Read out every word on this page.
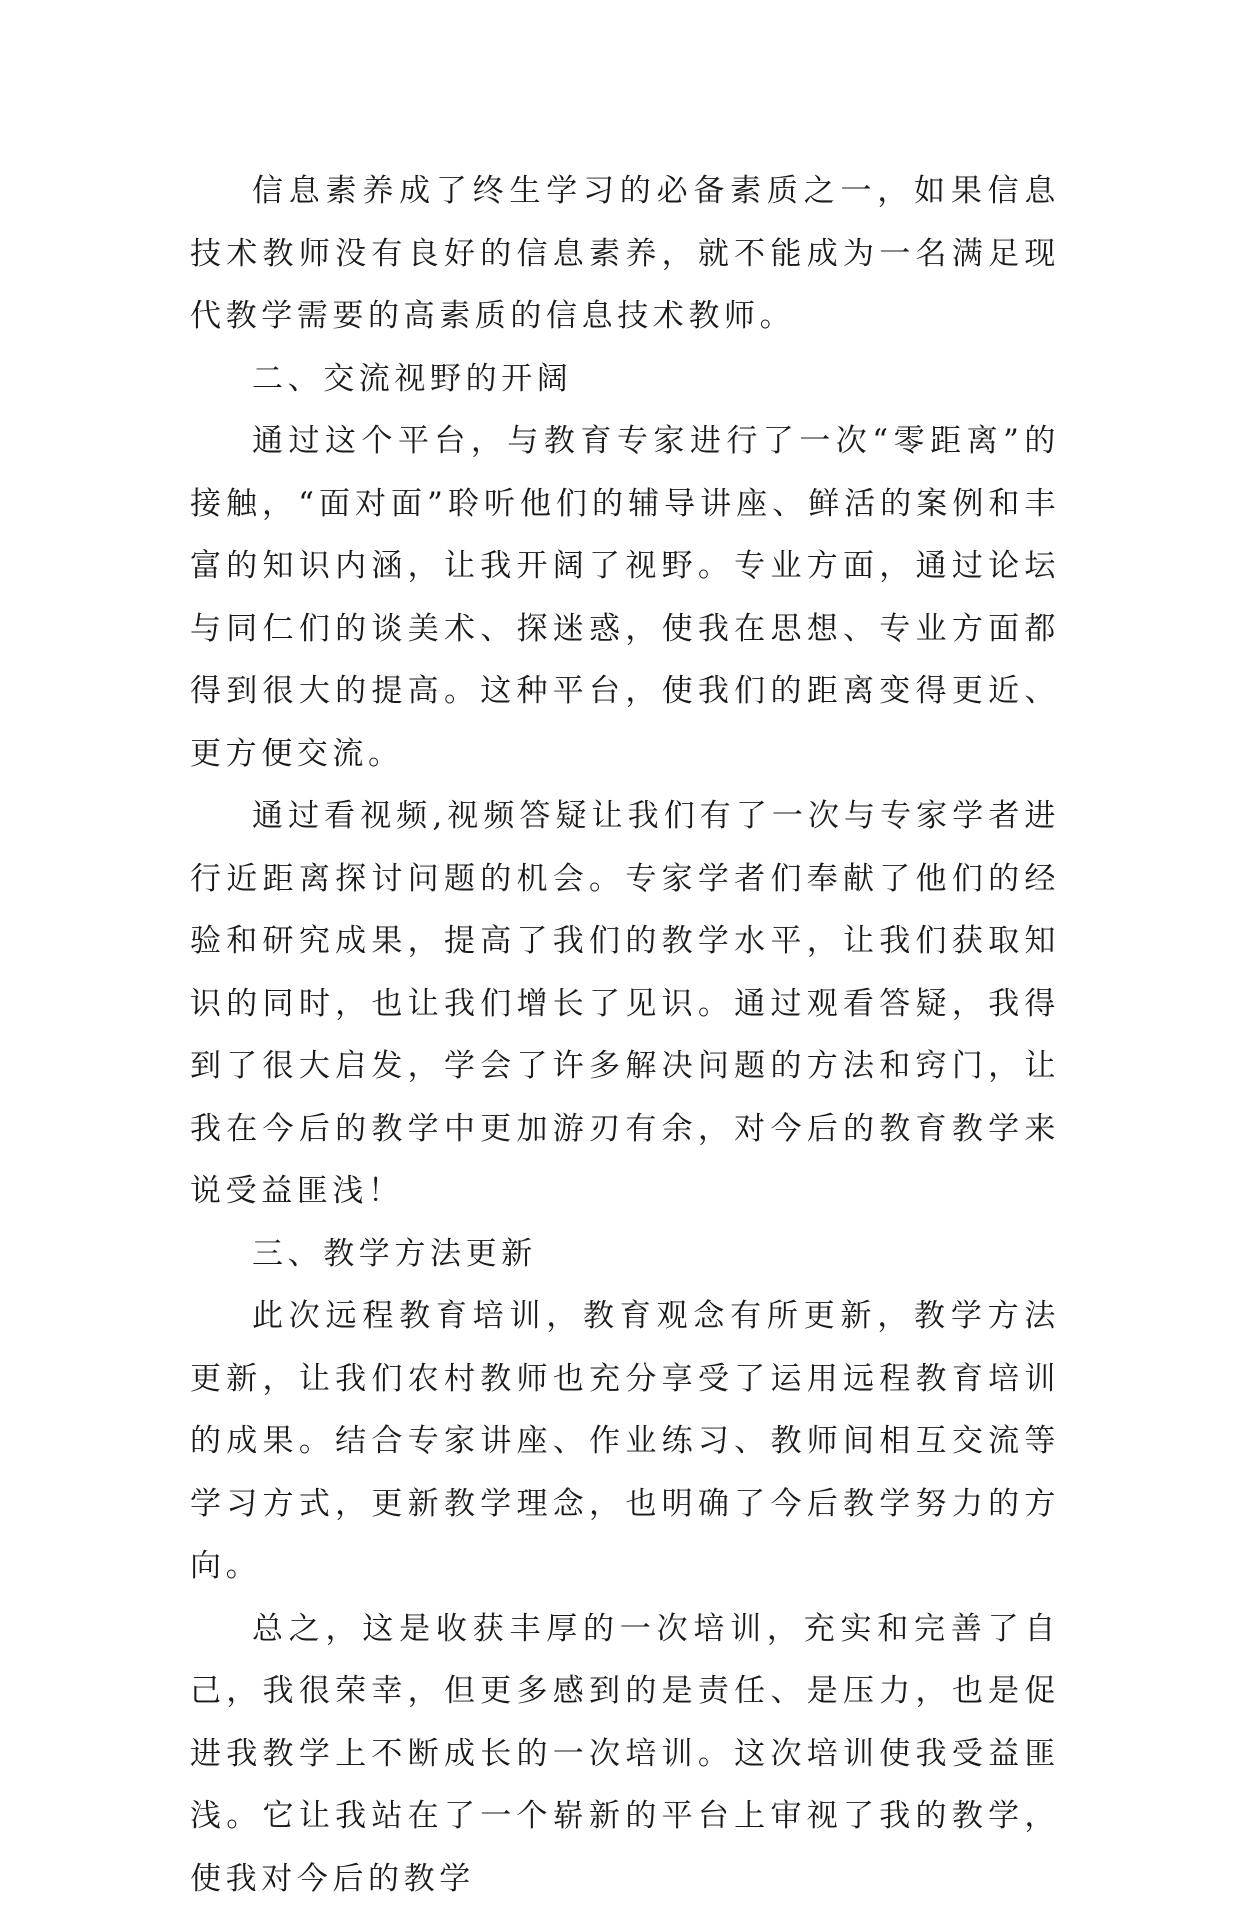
信息素养成了终生学习的必备素质之一，如果信息技术教师没有良好的信息素养，就不能成为一名满足现代教学需要的高素质的信息技术教师。

二、交流视野的开阔

通过这个平台，与教育专家进行了一次“零距离”的接触，“面对面”聆听他们的辅导讲座、鲜活的案例和丰富的知识内涵，让我开阔了视野。专业方面，通过论坛与同仁们的谈美术、探迷惑，使我在思想、专业方面都得到很大的提高。这种平台，使我们的距离变得更近、更方便交流。

通过看视频,视频答疑让我们有了一次与专家学者进行近距离探讨问题的机会。专家学者们奉献了他们的经验和研究成果，提高了我们的教学水平，让我们获取知识的同时，也让我们增长了见识。通过观看答疑，我得到了很大启发，学会了许多解决问题的方法和窍门，让我在今后的教学中更加游刃有余，对今后的教育教学来说受益匪浅！

三、教学方法更新

此次远程教育培训，教育观念有所更新，教学方法更新，让我们农村教师也充分享受了运用远程教育培训的成果。结合专家讲座、作业练习、教师间相互交流等学习方式，更新教学理念，也明确了今后教学努力的方向。

总之，这是收获丰厚的一次培训，充实和完善了自己，我很荣幸，但更多感到的是责任、是压力，也是促进我教学上不断成长的一次培训。这次培训使我受益匪浅。它让我站在了一个崭新的平台上审视了我的教学，使我对今后的教学
